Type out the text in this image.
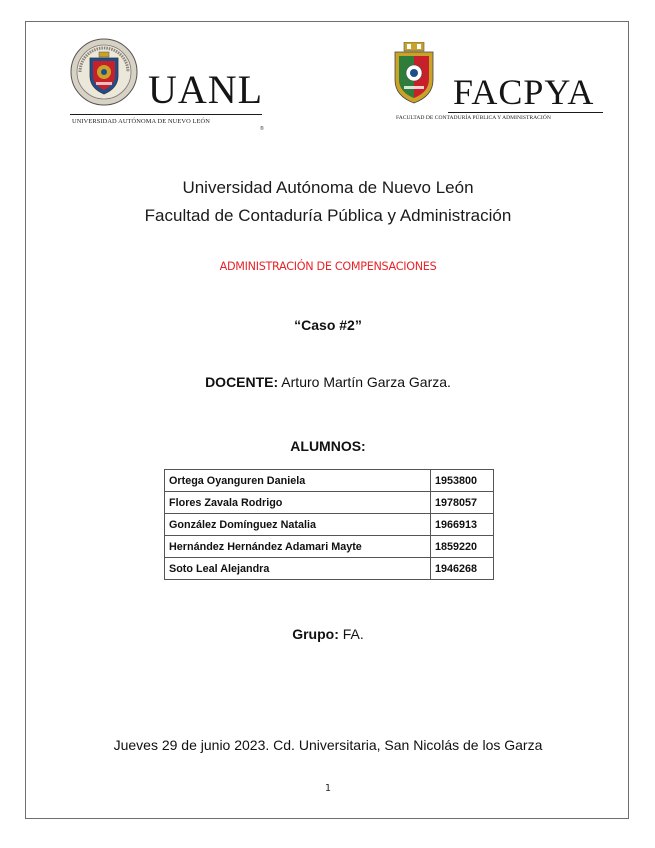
UANL
UNIVERSIDAD AUTÓNOMA DE NUEVO LEÓN
®
FACPYA
FACULTAD DE CONTADURÍA PÚBLICA Y ADMINISTRACIÓN
Universidad Autónoma de Nuevo León
Facultad de Contaduría Pública y Administración
ADMINISTRACIÓN DE COMPENSACIONES
“Caso #2”
DOCENTE: Arturo Martín Garza Garza.
ALUMNOS:
Ortega Oyanguren Daniela	1953800
Flores Zavala Rodrigo	1978057
González Domínguez Natalia	1966913
Hernández Hernández Adamari Mayte	1859220
Soto Leal Alejandra	1946268
Grupo: FA.
Jueves 29 de junio 2023. Cd. Universitaria, San Nicolás de los Garza
1
